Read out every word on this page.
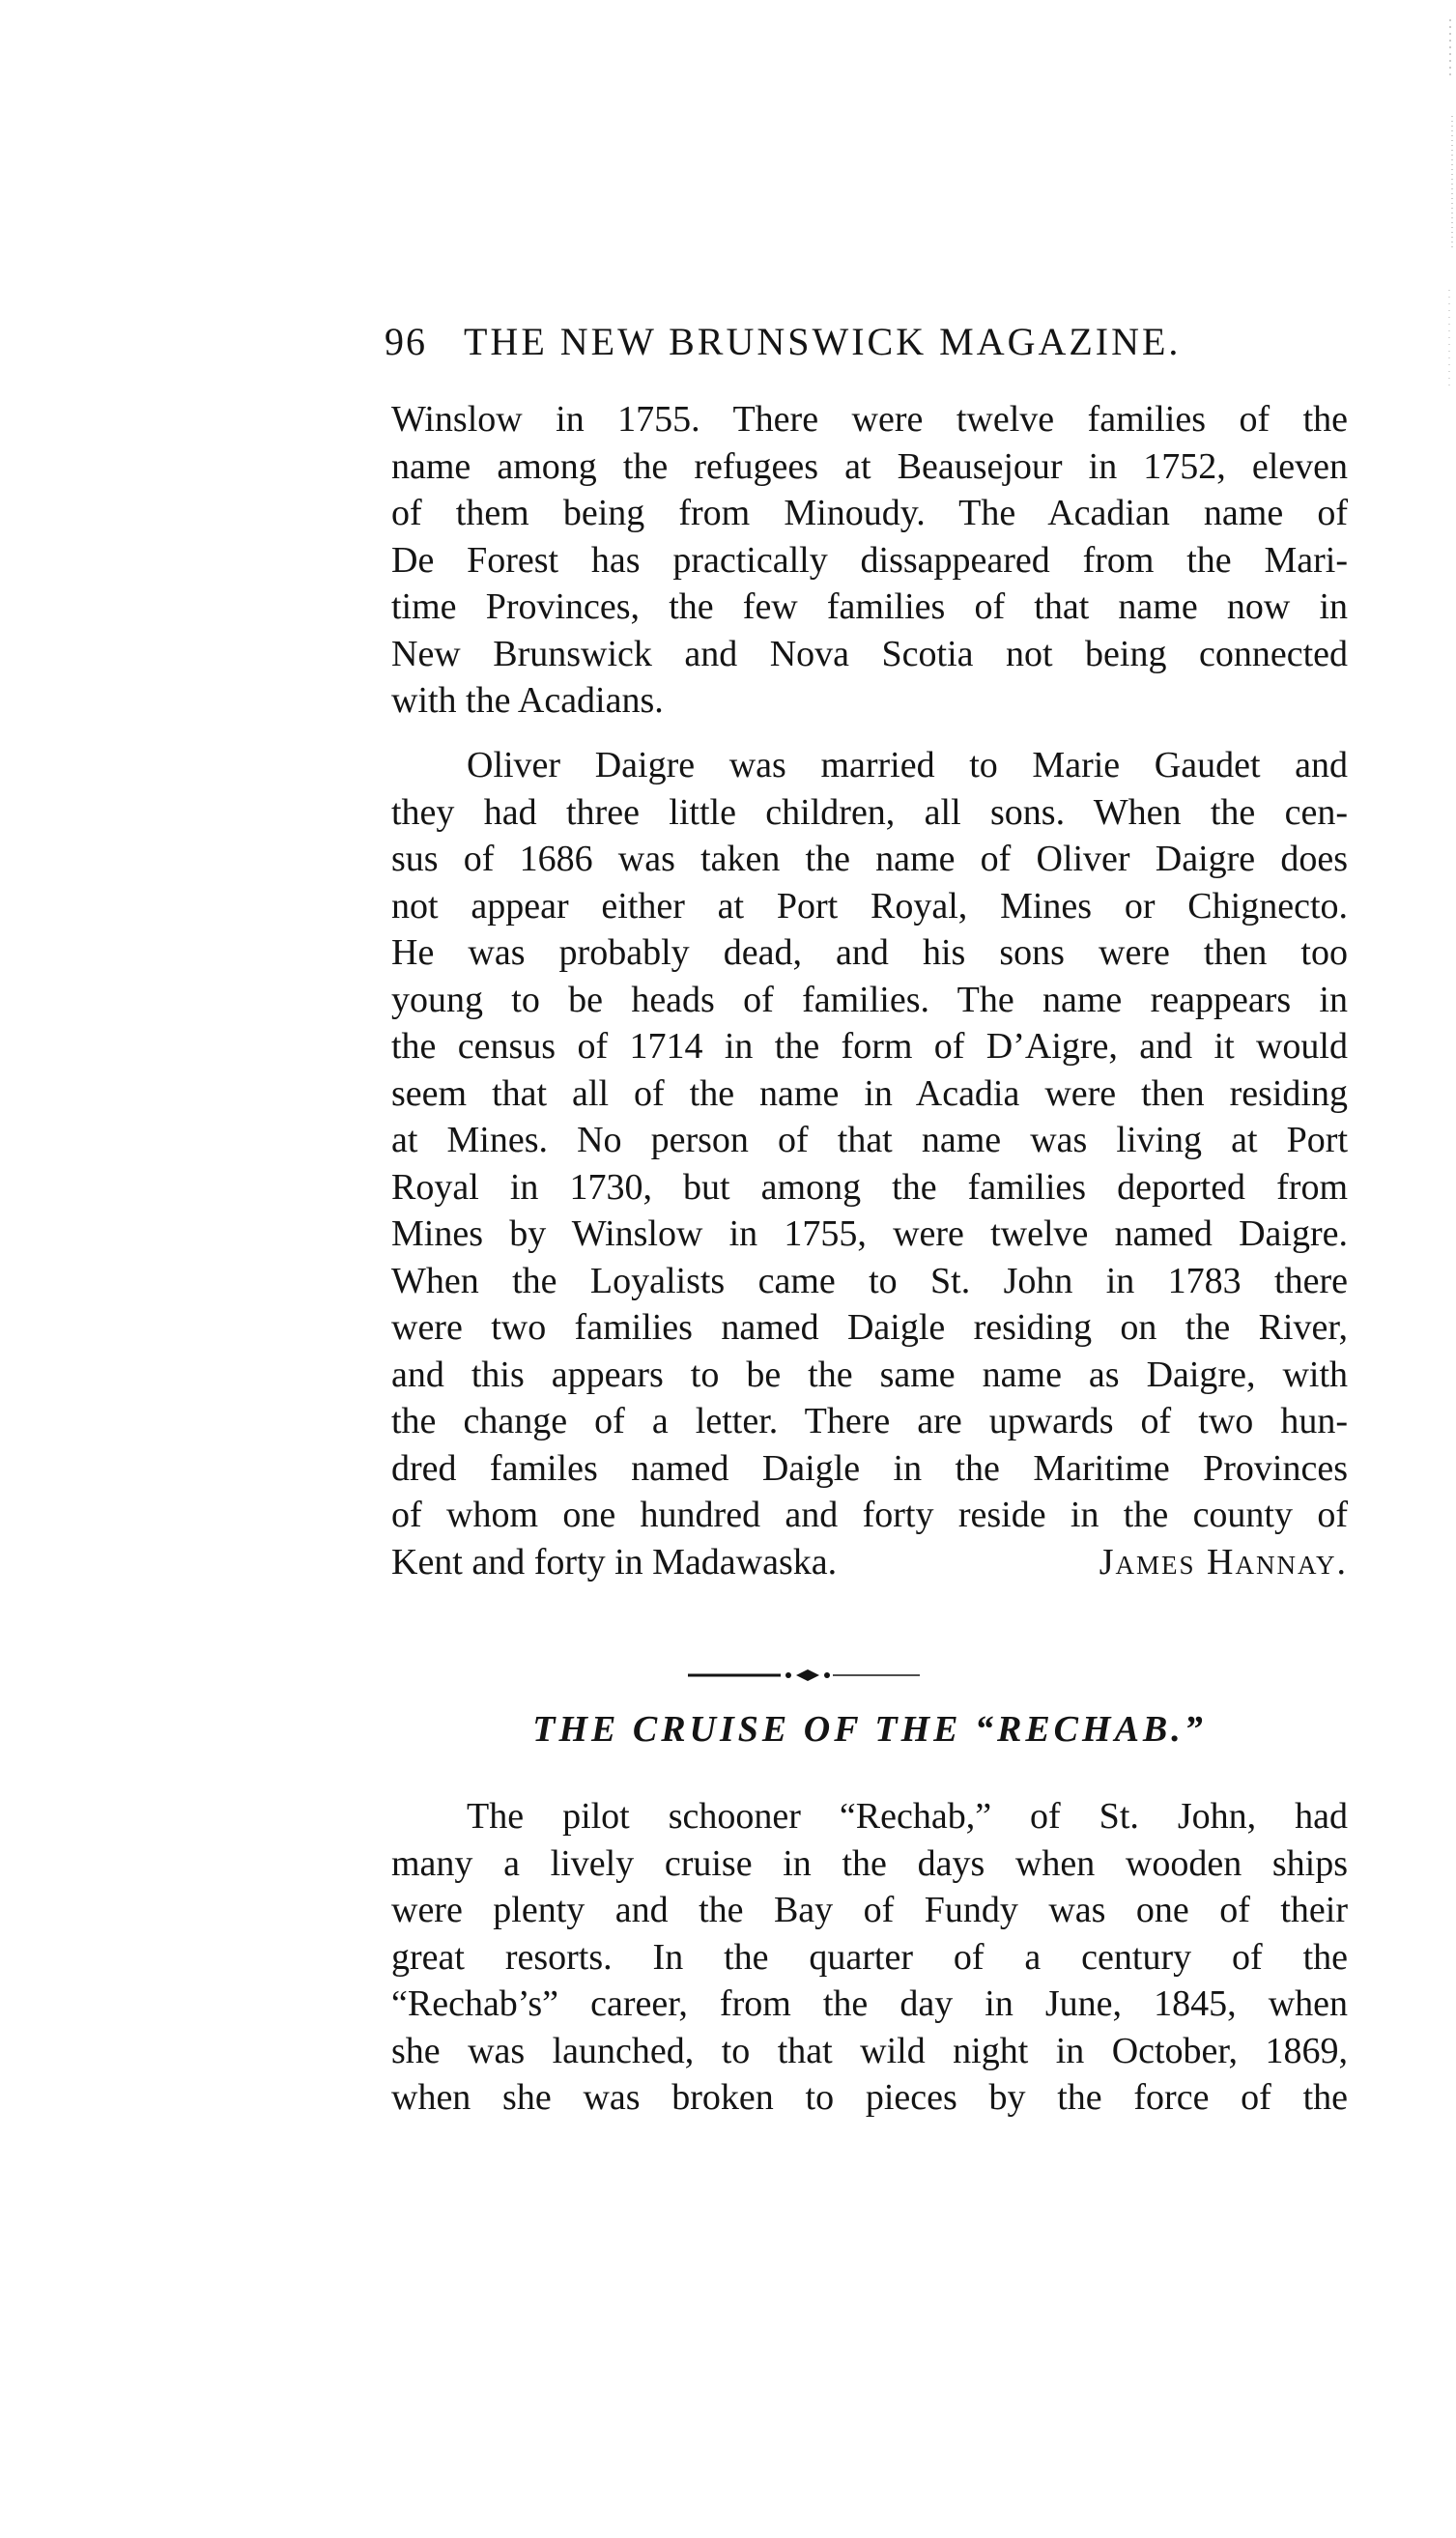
96 THE NEW BRUNSWICK MAGAZINE.
Winslow in 1755. There were twelve families of the
name among the refugees at Beausejour in 1752, eleven
of them being from Minoudy. The Acadian name of
De Forest has practically dissappeared from the Mari-
time Provinces, the few families of that name now in
New Brunswick and Nova Scotia not being connected
with the Acadians.
Oliver Daigre was married to Marie Gaudet and
they had three little children, all sons. When the cen-
sus of 1686 was taken the name of Oliver Daigre does
not appear either at Port Royal, Mines or Chignecto.
He was probably dead, and his sons were then too
young to be heads of families. The name reappears in
the census of 1714 in the form of D’Aigre, and it would
seem that all of the name in Acadia were then residing
at Mines. No person of that name was living at Port
Royal in 1730, but among the families deported from
Mines by Winslow in 1755, were twelve named Daigre.
When the Loyalists came to St. John in 1783 there
were two families named Daigle residing on the River,
and this appears to be the same name as Daigre, with
the change of a letter. There are upwards of two hun-
dred familes named Daigle in the Maritime Provinces
of whom one hundred and forty reside in the county of
Kent and forty in Madawaska.	James Hannay.
THE CRUISE OF THE “RECHAB.”
The pilot schooner “Rechab,” of St. John, had
many a lively cruise in the days when wooden ships
were plenty and the Bay of Fundy was one of their
great resorts. In the quarter of a century of the
“Rechab’s” career, from the day in June, 1845, when
she was launched, to that wild night in October, 1869,
when she was broken to pieces by the force of the
